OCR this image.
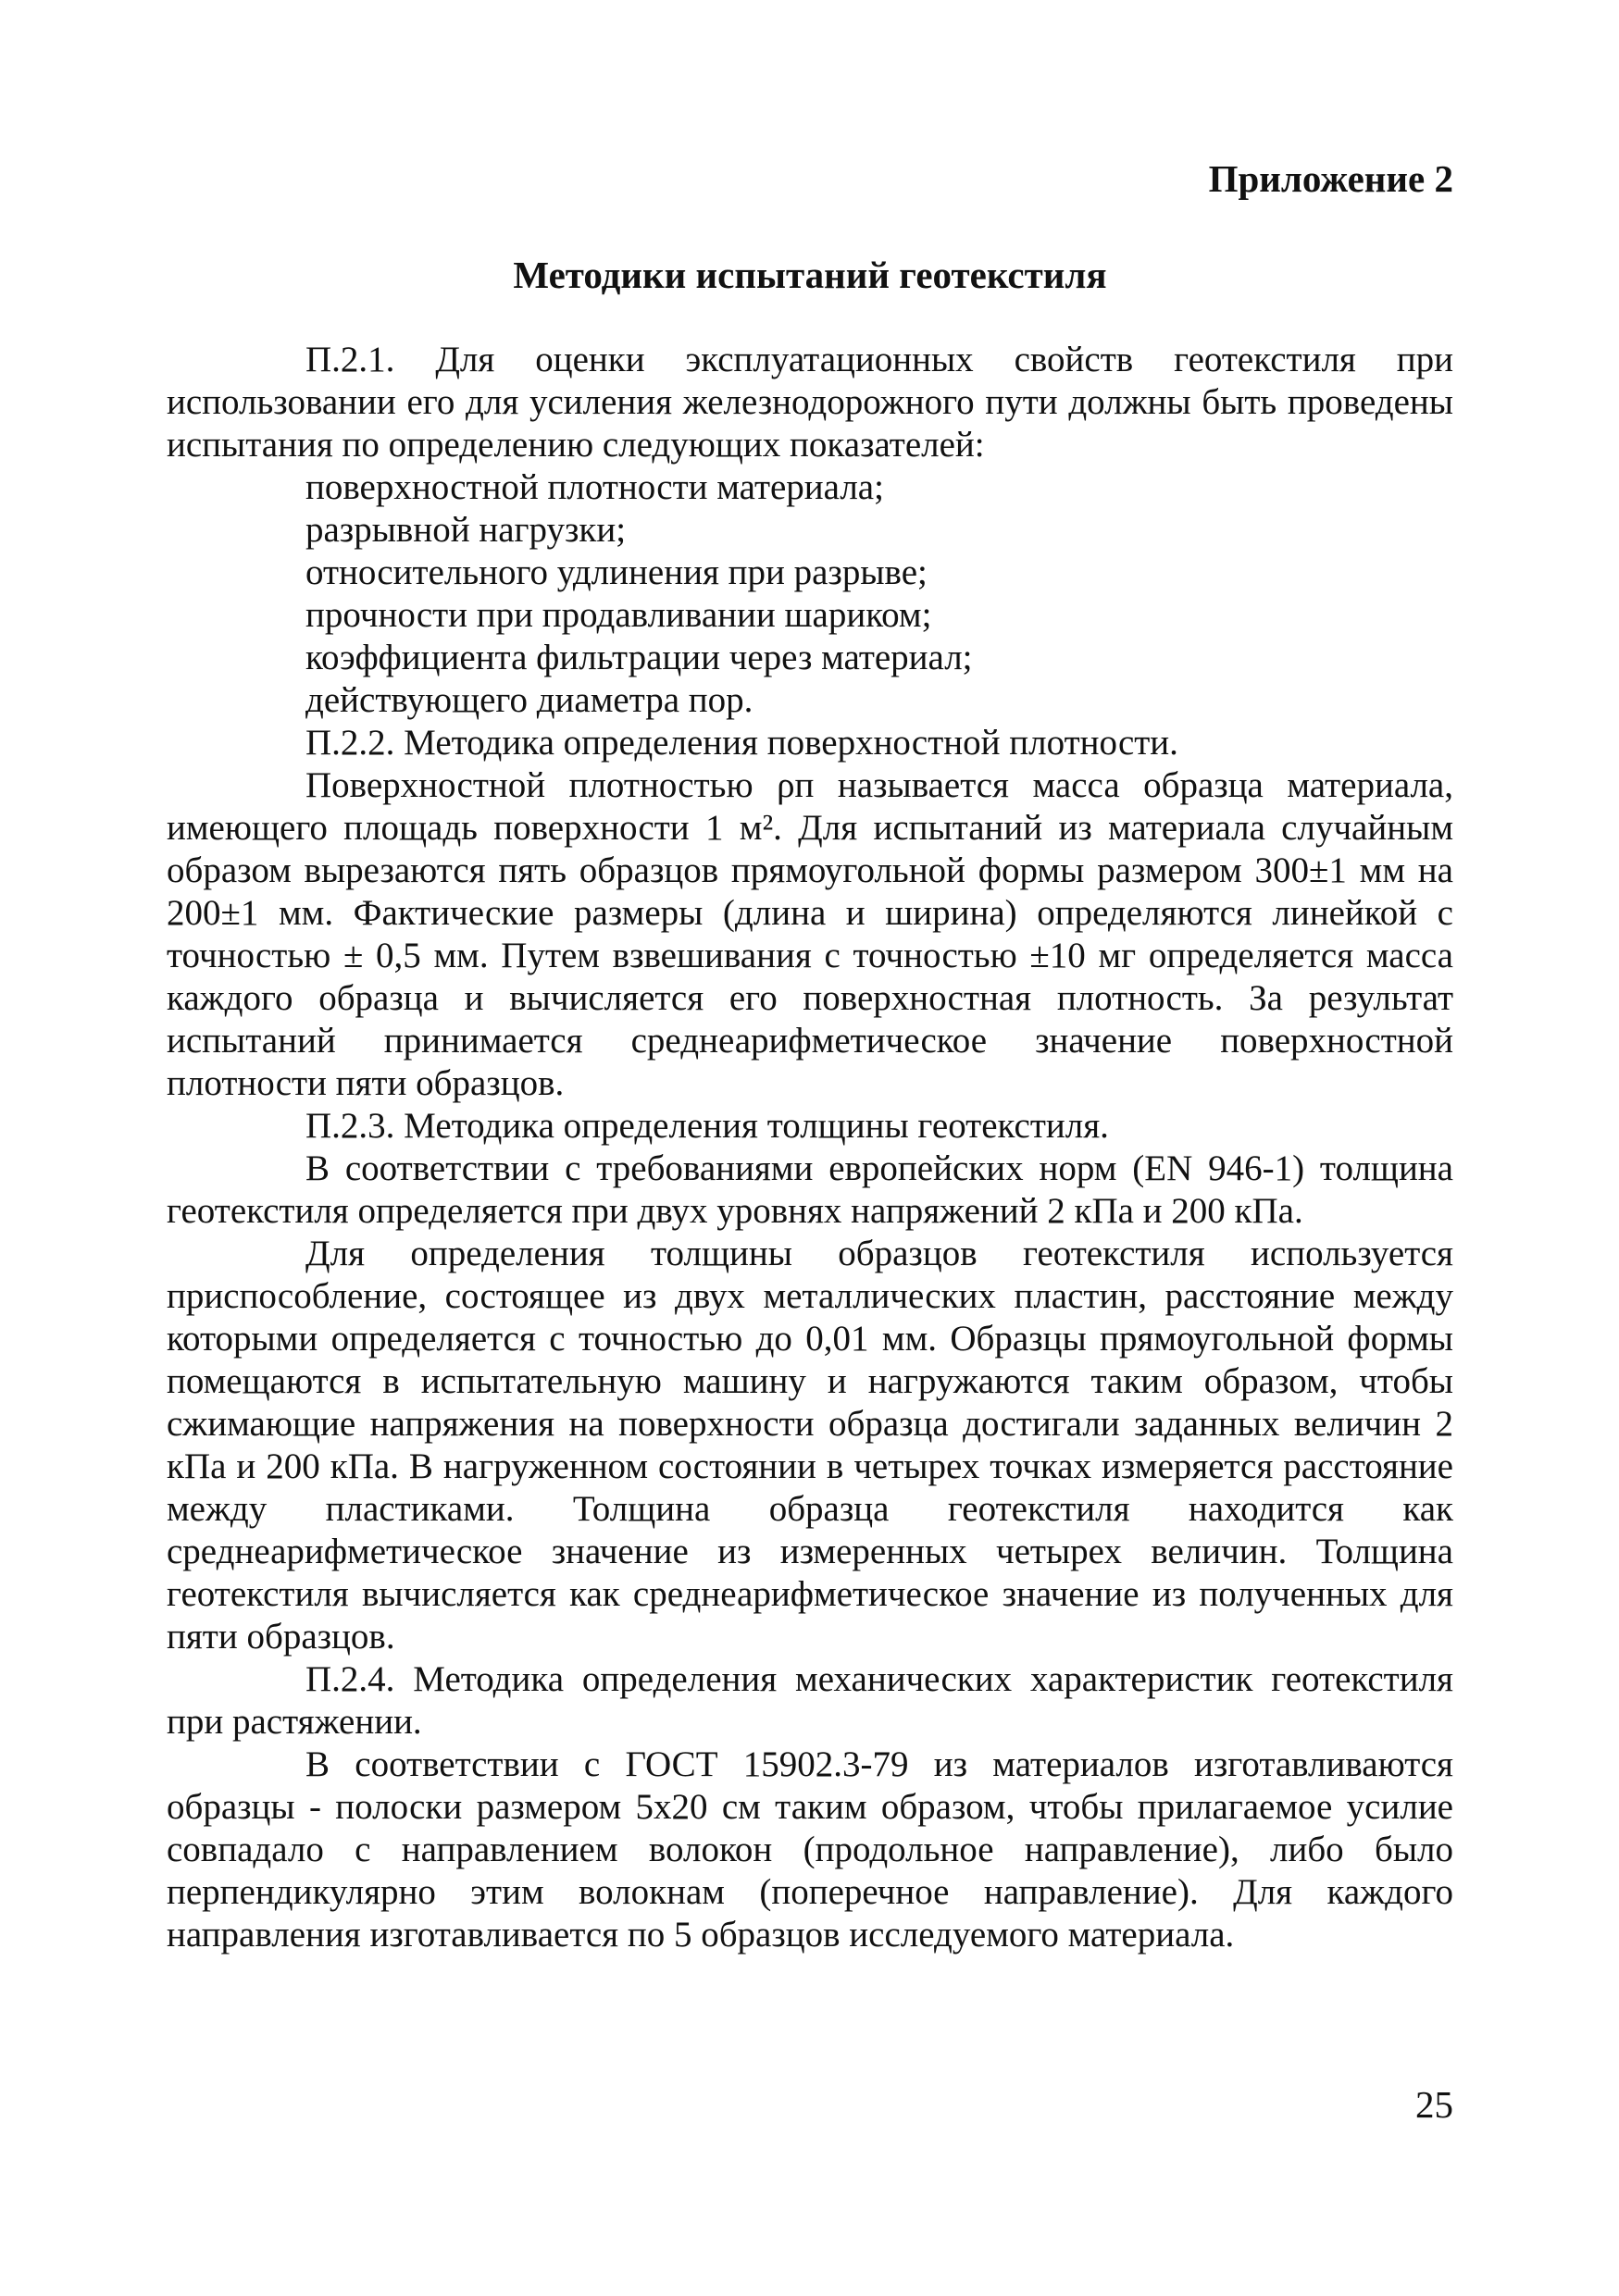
Приложение 2
Методики испытаний геотекстиля

П.2.1. Для оценки эксплуатационных свойств геотекстиля при использовании его для усиления железнодорожного пути должны быть проведены испытания по определению следующих показателей:

поверхностной плотности материала;
разрывной нагрузки;
относительного удлинения при разрыве;
прочности при продавливании шариком;
коэффициента фильтрации через материал;
действующего диаметра пор.

П.2.2. Методика определения поверхностной плотности.

Поверхностной плотностью ρп называется масса образца материала, имеющего площадь поверхности 1 м². Для испытаний из материала случайным образом вырезаются пять образцов прямоугольной формы размером 300±1 мм на 200±1 мм. Фактические размеры (длина и ширина) определяются линейкой с точностью ± 0,5 мм. Путем взвешивания с точностью ±10 мг определяется масса каждого образца и вычисляется его поверхностная плотность. За результат испытаний принимается среднеарифметическое значение поверхностной плотности пяти образцов.

П.2.3. Методика определения толщины геотекстиля.

В соответствии с требованиями европейских норм (EN 946-1) толщина геотекстиля определяется при двух уровнях напряжений 2 кПа и 200 кПа.

Для определения толщины образцов геотекстиля используется приспособление, состоящее из двух металлических пластин, расстояние между которыми определяется с точностью до 0,01 мм. Образцы прямоугольной формы помещаются в испытательную машину и нагружаются таким образом, чтобы сжимающие напряжения на поверхности образца достигали заданных величин 2 кПа и 200 кПа. В нагруженном состоянии в четырех точках измеряется расстояние между пластиками. Толщина образца геотекстиля находится как среднеарифметическое значение из измеренных четырех величин. Толщина геотекстиля вычисляется как среднеарифметическое значение из полученных для пяти образцов.

П.2.4. Методика определения механических характеристик геотекстиля при растяжении.

В соответствии с ГОСТ 15902.3-79 из материалов изготавливаются образцы - полоски размером 5х20 см таким образом, чтобы прилагаемое усилие совпадало с направлением волокон (продольное направление), либо было перпендикулярно этим волокнам (поперечное направление). Для каждого направления изготавливается по 5 образцов исследуемого материала.

25
